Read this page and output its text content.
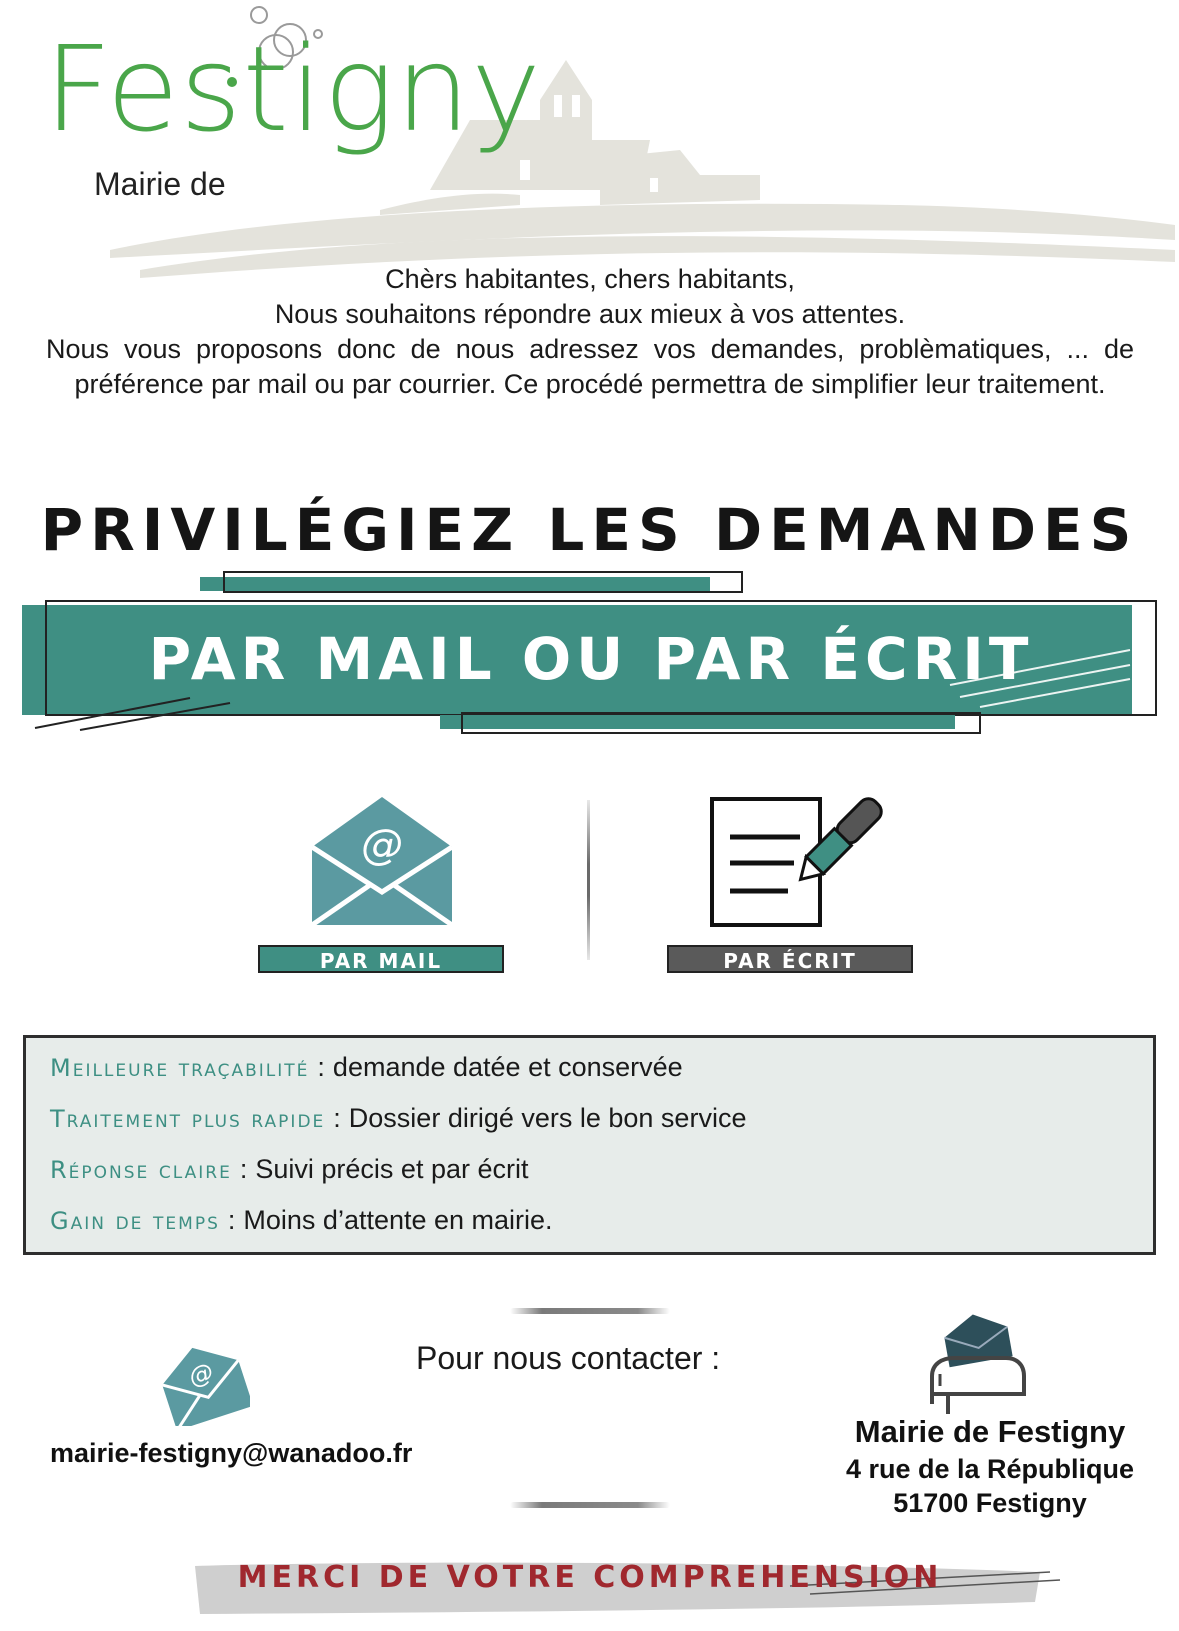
Festigny
Mairie de

Chèrs habitantes, chers habitants,

Nous souhaitons répondre aux mieux à vos attentes.

Nous vous proposons donc de nous adressez vos demandes, problèmatiques, ... de préférence par mail ou par courrier. Ce procédé permettra de simplifier leur traitement.

PRIVILÉGIEZ LES DEMANDES
PAR MAIL OU PAR ÉCRIT
@
PAR MAIL	PAR ÉCRIT
Meilleure traçabilité : demande datée et conservée
Traitement plus rapide : Dossier dirigé vers le bon service
Réponse claire : Suivi précis et par écrit
Gain de temps : Moins d’attente en mairie.
Pour nous contacter :
@
mairie-festigny@wanadoo.fr
Mairie de Festigny
4 rue de la République
51700 Festigny
MERCI DE VOTRE COMPREHENSION
